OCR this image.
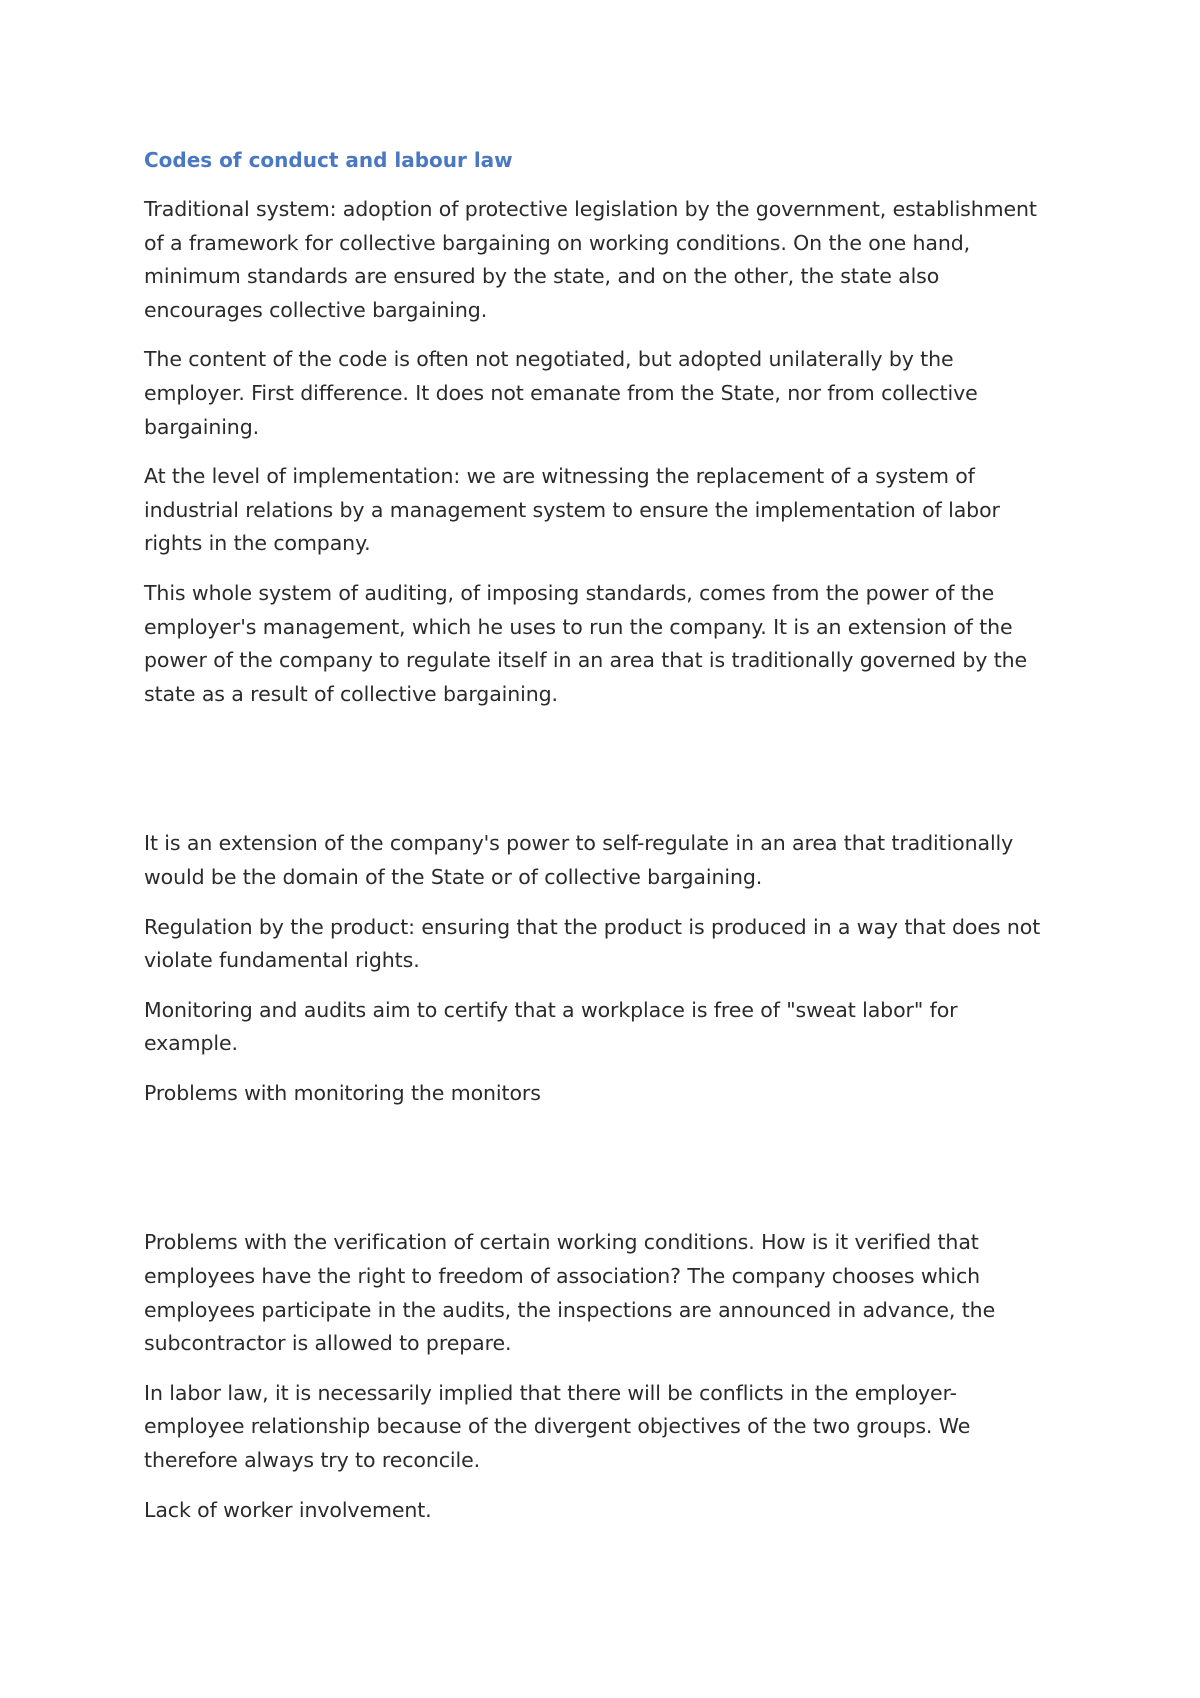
Codes of conduct and labour law
Traditional system: adoption of protective legislation by the government, establishment
of a framework for collective bargaining on working conditions. On the one hand,
minimum standards are ensured by the state, and on the other, the state also
encourages collective bargaining.
The content of the code is often not negotiated, but adopted unilaterally by the
employer. First difference. It does not emanate from the State, nor from collective
bargaining.
At the level of implementation: we are witnessing the replacement of a system of
industrial relations by a management system to ensure the implementation of labor
rights in the company.
This whole system of auditing, of imposing standards, comes from the power of the
employer's management, which he uses to run the company. It is an extension of the
power of the company to regulate itself in an area that is traditionally governed by the
state as a result of collective bargaining.
It is an extension of the company's power to self-regulate in an area that traditionally
would be the domain of the State or of collective bargaining.
Regulation by the product: ensuring that the product is produced in a way that does not
violate fundamental rights.
Monitoring and audits aim to certify that a workplace is free of "sweat labor" for
example.
Problems with monitoring the monitors
Problems with the verification of certain working conditions. How is it verified that
employees have the right to freedom of association? The company chooses which
employees participate in the audits, the inspections are announced in advance, the
subcontractor is allowed to prepare.
In labor law, it is necessarily implied that there will be conflicts in the employer-
employee relationship because of the divergent objectives of the two groups. We
therefore always try to reconcile.
Lack of worker involvement.
